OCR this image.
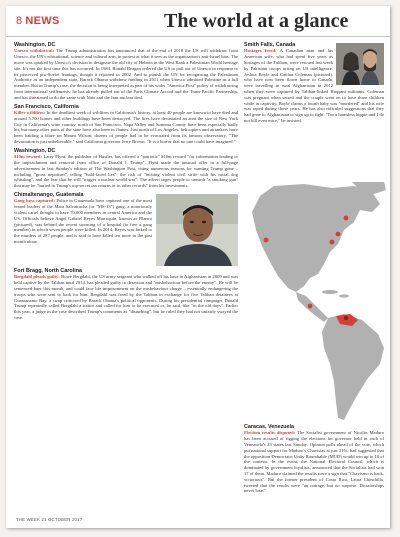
8 NEWS	The world at a glance
Washington, DC
Unesco withdrawal: The Trump administration has announced that at the end of 2018 the US will withdraw from Unesco, the UN's educational, science and cultural arm, in protest at what it sees as the organisation's anti-Israel bias. The move was sparked by Unesco's decision to designate the old city of Hebron in the West Bank a Palestinian World heritage site. It's not the first time this has occurred. In 1984, Ronald Reagan ordered the US to pull out of Unesco in response to its perceived pro-Soviet leanings, though it rejoined in 2002. And to punish the UN for recognising the Palestinian Authority as an independent state, Barack Obama withdrew funding in 2011 when Unesco admitted Palestine as a full member. But in Trump's case, the decision is being interpreted as part of his wider "America First" policy of withdrawing from international settlements: he has already pulled out of the Paris Climate Accord and the Trans-Pacific Partnership, and has threatened to do the same with Nato and the Iran nuclear deal.
San Francisco, California
Killer wildfires: In the deadliest week of wildfires in California's history, at least 40 people are known to have died and around 5,700 homes and other buildings have been destroyed. The fires have devastated an area the size of New York City in California's wine country, north of San Francisco. Napa Valley and Sonoma County have been especially badly hit, but many other parts of the state have also been in flames. Just north of Los Angeles, helicopters and airtankers have been battling a blaze on Mount Wilson; dozens of people had to be evacuated from its famous observatory. "The devastation is just unbelievable," said California governor Jerry Brown. "It is a horror that no one could have imagined."
Washington, DC
$10m reward: Larry Flynt, the publisher of Hustler, has offered a "patriotic" $10m reward "for information leading to the impeachment and removal from office of Donald J. Trump". Flynt made the unusual offer in a full-page advertisement in last Sunday's edition of The Washington Post, citing numerous reasons for wanting Trump gone – including "gross nepotism", telling "bald-faced lies", the risk of "inciting violent civil strife with his racial dog whistling", and the fear that he will "trigger a nuclear world war". The advert urges people to unearth "a smoking gun" that may be "buried in Trump's top-secret tax returns or in other records" from his investments.
Chimaltenango, Guatemala
Gang boss captured: Police in Guatemala have captured one of the most feared leaders of the Mara Salvatrucha (or "MS-13") gang, a notoriously violent cartel thought to have 70,000 members in central America and the US. Officials believe Angel Gabriel Reyes Marroquín, known as Blanco (pictured), was behind the recent storming of a hospital (to free a gang member) in which seven people were killed. In 2014, Reyes was linked to the murders of 287 people, and is said to have killed ten more in the past month alone.
Fort Bragg, North Carolina
Bergdahl pleads guilty: Bowe Bergdahl, the US army sergeant who walked off his base in Afghanistan in 2009 and was held captive by the Taliban until 2014, has pleaded guilty to desertion and "misbehaviour before the enemy". He will be sentenced later this month, and could face life imprisonment on the misbehaviour charge – essentially endangering the troops who were sent to look for him. Bergdahl was freed by the Taliban in exchange for five Taliban detainees at Guantanamo Bay, a swap criticised by Barack Obama's political opponents. During his presidential campaign, Donald Trump repeatedly called Bergdahl a traitor and called for him to be executed or, he said, like "in the old days". Earlier this year, a judge in the case described Trump's comments as "disturbing", but he ruled they had not unfairly swayed the case.
Smith Falls, Canada
Hostages freed: A Canadian man and his American wife, who had spent five years as hostages of the Taliban, were rescued last week by Pakistani troops acting on US intelligence. Joshua Boyle and Caitlan Coleman (pictured), who have now been flown home to Canada, were travelling in rural Afghanistan in 2012 when they were captured by Taliban-linked Haqqani militants. Coleman was pregnant when seized and the couple went on to have three children while in captivity. Boyle claims a fourth baby was "murdered" and his wife was raped during those years. He has also ridiculed suggestions that they had gone to Afghanistan to sign up to fight. "I'm a harmless hippie and I do not kill even mice," he insisted.
Caracas, Venezuela
Election results disputed: The Socialist government of Nicolás Maduro has been accused of rigging the elections for governor held in each of Venezuela's 23 states last Sunday. Opinion polls ahead of the vote, which put national support for Maduro's Chavistas at just 21%, had suggested that the opposition Democratic Unity Roundtable (MUD) would win up to 18 of the contests. In the event, the National Electoral Council, which is dominated by government loyalists, announced that the Socialists had won 17 of them. Maduro claimed the results were a sign that "Chavismo is back, victorious". But the former president of Costa Rica, Laura Chinchilla, tweeted that the results were "an outrage, but no surprise. Dictatorships never lose."
THE WEEK 21 OCTOBER 2017
